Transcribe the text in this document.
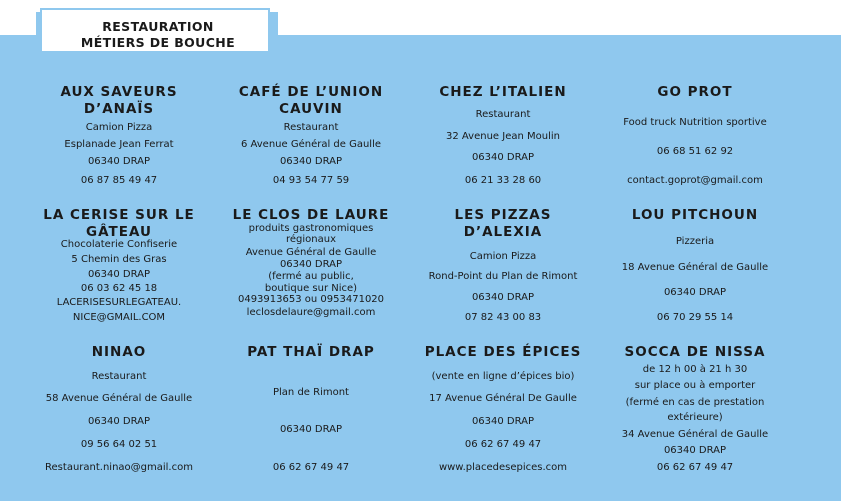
RESTAURATION
MÉTIERS DE BOUCHE
AUX SAVEURS
D’ANAÏS
Camion Pizza
Esplanade Jean Ferrat
06340 DRAP
06 87 85 49 47
CAFÉ DE L’UNION
CAUVIN
Restaurant
6 Avenue Général de Gaulle
06340 DRAP
04 93 54 77 59
CHEZ L’ITALIEN
Restaurant
32 Avenue Jean Moulin
06340 DRAP
06 21 33 28 60
GO PROT
Food truck Nutrition sportive
06 68 51 62 92
contact.goprot@gmail.com
LA CERISE SUR LE
GÂTEAU
Chocolaterie Confiserie
5 Chemin des Gras
06340 DRAP
06 03 62 45 18
LACERISESURLEGATEAU.
NICE@GMAIL.COM
LE CLOS DE LAURE
produits gastronomiques
régionaux
Avenue Général de Gaulle
06340 DRAP
(fermé au public,
boutique sur Nice)
0493913653 ou 0953471020
leclosdelaure@gmail.com
LES PIZZAS
D’ALEXIA
Camion Pizza
Rond-Point du Plan de Rimont
06340 DRAP
07 82 43 00 83
LOU PITCHOUN
Pizzeria
18 Avenue Général de Gaulle
06340 DRAP
06 70 29 55 14
NINAO
Restaurant
58 Avenue Général de Gaulle
06340 DRAP
09 56 64 02 51
Restaurant.ninao@gmail.com
PAT THAÏ DRAP
Plan de Rimont
06340 DRAP
06 62 67 49 47
PLACE DES ÉPICES
(vente en ligne d’épices bio)
17 Avenue Général De Gaulle
06340 DRAP
06 62 67 49 47
www.placedesepices.com
SOCCA DE NISSA
de 12 h 00 à 21 h 30
sur place ou à emporter
(fermé en cas de prestation
extérieure)
34 Avenue Général de Gaulle
06340 DRAP
06 62 67 49 47
